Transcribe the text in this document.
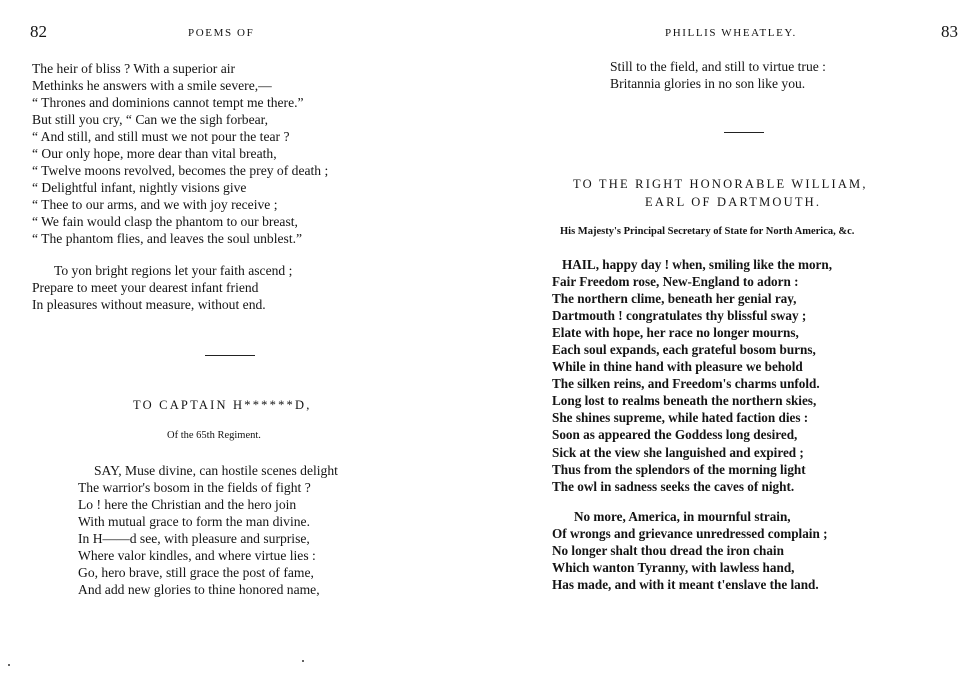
82	POEMS OF
The heir of bliss ? With a superior air
Methinks he answers with a smile severe,—
“ Thrones and dominions cannot tempt me there.”
But still you cry, “ Can we the sigh forbear,
“ And still, and still must we not pour the tear ?
“ Our only hope, more dear than vital breath,
“ Twelve moons revolved, becomes the prey of death ;
“ Delightful infant, nightly visions give
“ Thee to our arms, and we with joy receive ;
“ We fain would clasp the phantom to our breast,
“ The phantom flies, and leaves the soul unblest.”
To yon bright regions let your faith ascend ;
Prepare to meet your dearest infant friend
In pleasures without measure, without end.
TO CAPTAIN H******D,
Of the 65th Regiment.
SAY, Muse divine, can hostile scenes delight
The warrior's bosom in the fields of fight ?
Lo ! here the Christian and the hero join
With mutual grace to form the man divine.
In H——d see, with pleasure and surprise,
Where valor kindles, and where virtue lies :
Go, hero brave, still grace the post of fame,
And add new glories to thine honored name,
83
PHILLIS WHEATLEY.
Still to the field, and still to virtue true :
Britannia glories in no son like you.
TO THE RIGHT HONORABLE WILLIAM,
EARL OF DARTMOUTH.
His Majesty's Principal Secretary of State for North America, &c.
HAIL, happy day ! when, smiling like the morn,
Fair Freedom rose, New-England to adorn :
The northern clime, beneath her genial ray,
Dartmouth ! congratulates thy blissful sway ;
Elate with hope, her race no longer mourns,
Each soul expands, each grateful bosom burns,
While in thine hand with pleasure we behold
The silken reins, and Freedom's charms unfold.
Long lost to realms beneath the northern skies,
She shines supreme, while hated faction dies :
Soon as appeared the Goddess long desired,
Sick at the view she languished and expired ;
Thus from the splendors of the morning light
The owl in sadness seeks the caves of night.
No more, America, in mournful strain,
Of wrongs and grievance unredressed complain ;
No longer shalt thou dread the iron chain
Which wanton Tyranny, with lawless hand,
Has made, and with it meant t'enslave the land.
